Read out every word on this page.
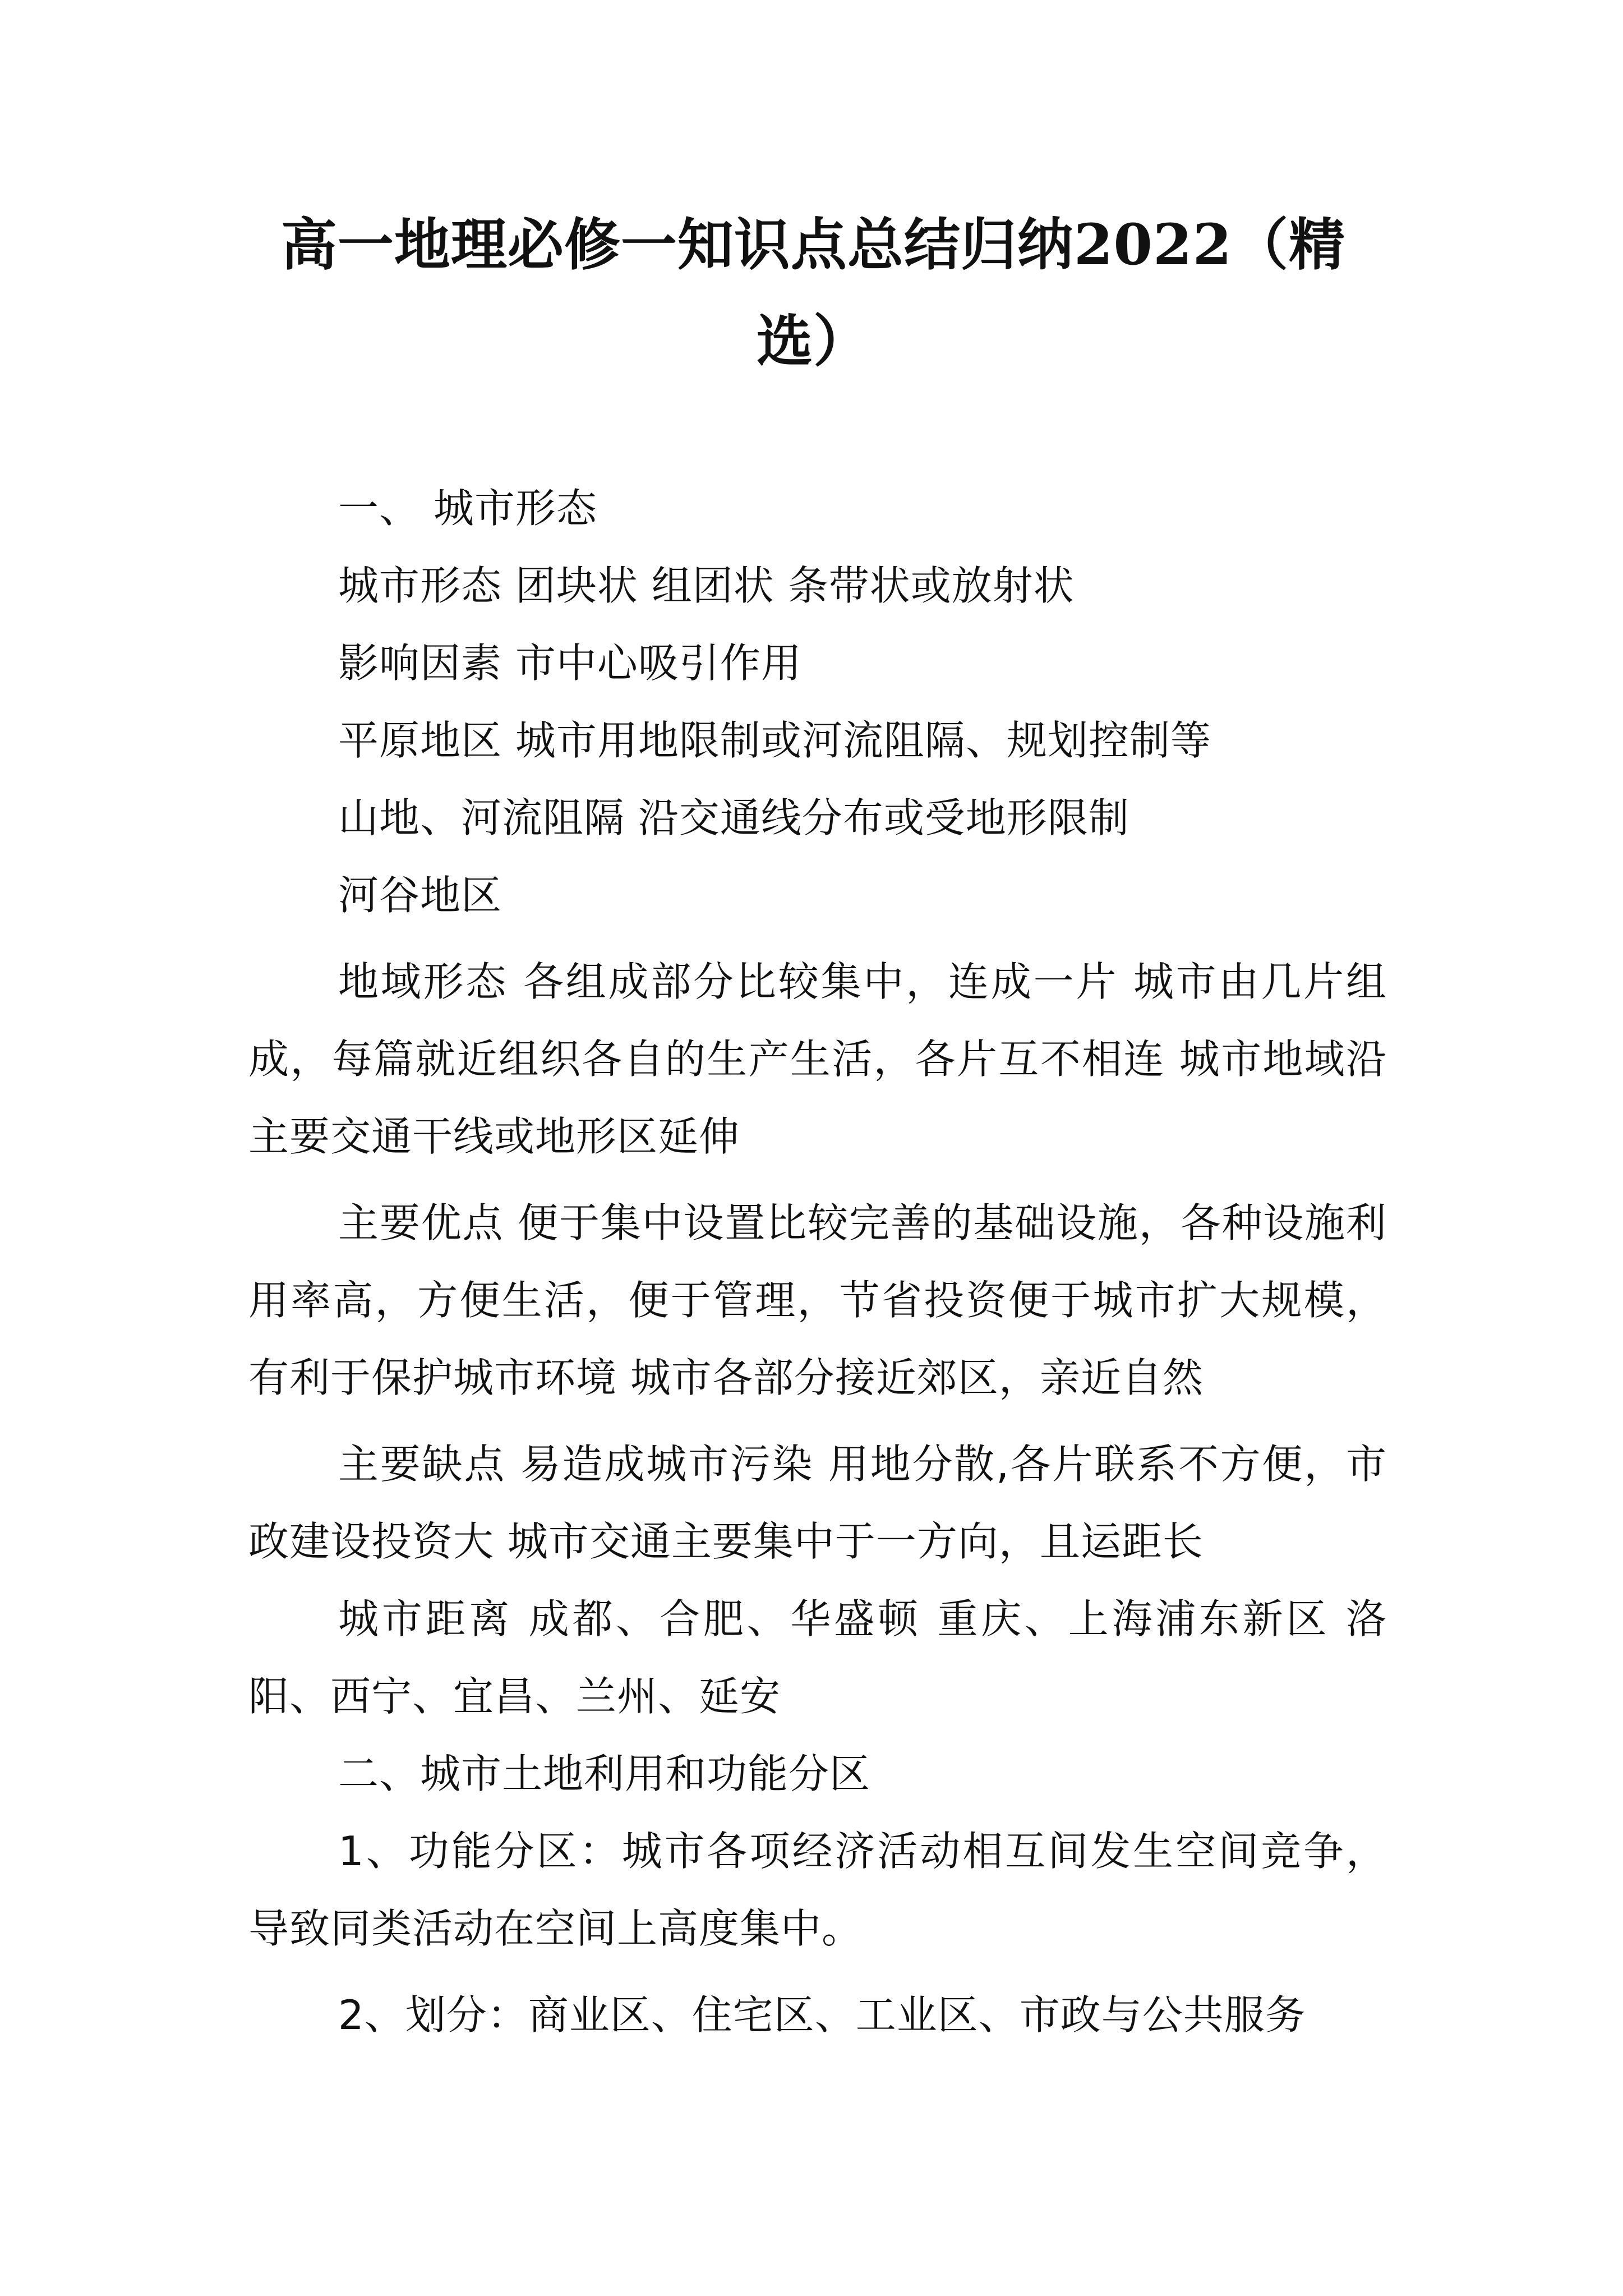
高一地理必修一知识点总结归纳2022（精
选）

一、 城市形态

城市形态 团块状 组团状 条带状或放射状

影响因素 市中心吸引作用

平原地区 城市用地限制或河流阻隔、规划控制等

山地、河流阻隔 沿交通线分布或受地形限制

河谷地区

地域形态 各组成部分比较集中，连成一片 城市由几片组成，每篇就近组织各自的生产生活，各片互不相连 城市地域沿主要交通干线或地形区延伸

主要优点 便于集中设置比较完善的基础设施，各种设施利用率高，方便生活，便于管理，节省投资便于城市扩大规模，有利于保护城市环境 城市各部分接近郊区，亲近自然

主要缺点 易造成城市污染 用地分散,各片联系不方便，市政建设投资大 城市交通主要集中于一方向，且运距长

城市距离 成都、合肥、华盛顿 重庆、上海浦东新区 洛阳、西宁、宜昌、兰州、延安

二、城市土地利用和功能分区

1、功能分区：城市各项经济活动相互间发生空间竞争，导致同类活动在空间上高度集中。

2、划分：商业区、住宅区、工业区、市政与公共服务
